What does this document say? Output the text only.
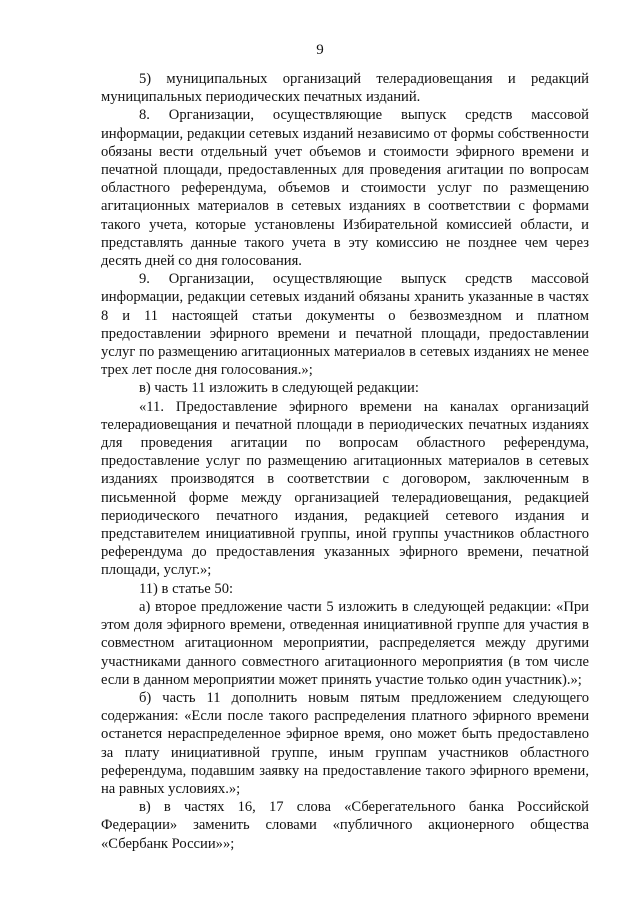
9

5) муниципальных организаций телерадиовещания и редакций муниципальных периодических печатных изданий.

8. Организации, осуществляющие выпуск средств массовой информации, редакции сетевых изданий независимо от формы собственности обязаны вести отдельный учет объемов и стоимости эфирного времени и печатной площади, предоставленных для проведения агитации по вопросам областного референдума, объемов и стоимости услуг по размещению агитационных материалов в сетевых изданиях в соответствии с формами такого учета, которые установлены Избирательной комиссией области, и представлять данные такого учета в эту комиссию не позднее чем через десять дней со дня голосования.

9. Организации, осуществляющие выпуск средств массовой информации, редакции сетевых изданий обязаны хранить указанные в частях 8 и 11 настоящей статьи документы о безвозмездном и платном предоставлении эфирного времени и печатной площади, предоставлении услуг по размещению агитационных материалов в сетевых изданиях не менее трех лет после дня голосования.»;

в) часть 11 изложить в следующей редакции:

«11. Предоставление эфирного времени на каналах организаций телерадиовещания и печатной площади в периодических печатных изданиях для проведения агитации по вопросам областного референдума, предоставление услуг по размещению агитационных материалов в сетевых изданиях производятся в соответствии с договором, заключенным в письменной форме между организацией телерадиовещания, редакцией периодического печатного издания, редакцией сетевого издания и представителем инициативной группы, иной группы участников областного референдума до предоставления указанных эфирного времени, печатной площади, услуг.»;

11) в статье 50:

а) второе предложение части 5 изложить в следующей редакции: «При этом доля эфирного времени, отведенная инициативной группе для участия в совместном агитационном мероприятии, распределяется между другими участниками данного совместного агитационного мероприятия (в том числе если в данном мероприятии может принять участие только один участник).»;

б) часть 11 дополнить новым пятым предложением следующего содержания: «Если после такого распределения платного эфирного времени останется нераспределенное эфирное время, оно может быть предоставлено за плату инициативной группе, иным группам участников областного референдума, подавшим заявку на предоставление такого эфирного времени, на равных условиях.»;

в) в частях 16, 17 слова «Сберегательного банка Российской Федерации» заменить словами «публичного акционерного общества «Сбербанк России»»;
